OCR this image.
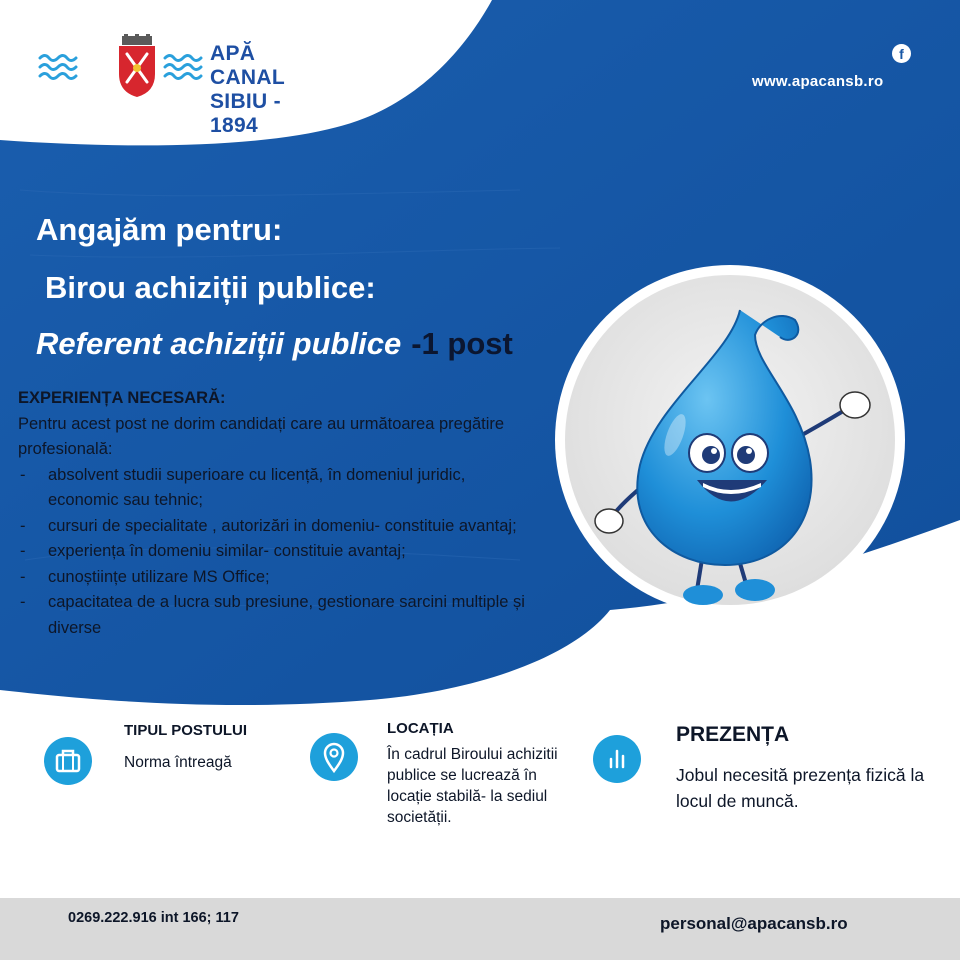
APĂ CANAL
SIBIU - 1894
f
www.apacansb.ro
Angajăm pentru:
Birou achiziții publice:
Referent achiziții publice -1 post
EXPERIENȚA NECESARĂ:
Pentru acest post ne dorim candidați care au următoarea pregătire profesională:
- absolvent studii superioare cu licență, în domeniul juridic, economic sau tehnic;
- cursuri de specialitate , autorizări in domeniu- constituie avantaj;
- experiența în domeniu similar- constituie avantaj;
- cunoștiințe utilizare MS Office;
- capacitatea de a lucra sub presiune, gestionare sarcini multiple și diverse
TIPUL POSTULUI
Norma întreagă
LOCAȚIA
În cadrul Biroului achizitii publice se lucrează în locație stabilă- la sediul societății.
PREZENȚA
Jobul necesită prezența fizică la locul de muncă.
0269.222.916 int 166; 117	personal@apacansb.ro
